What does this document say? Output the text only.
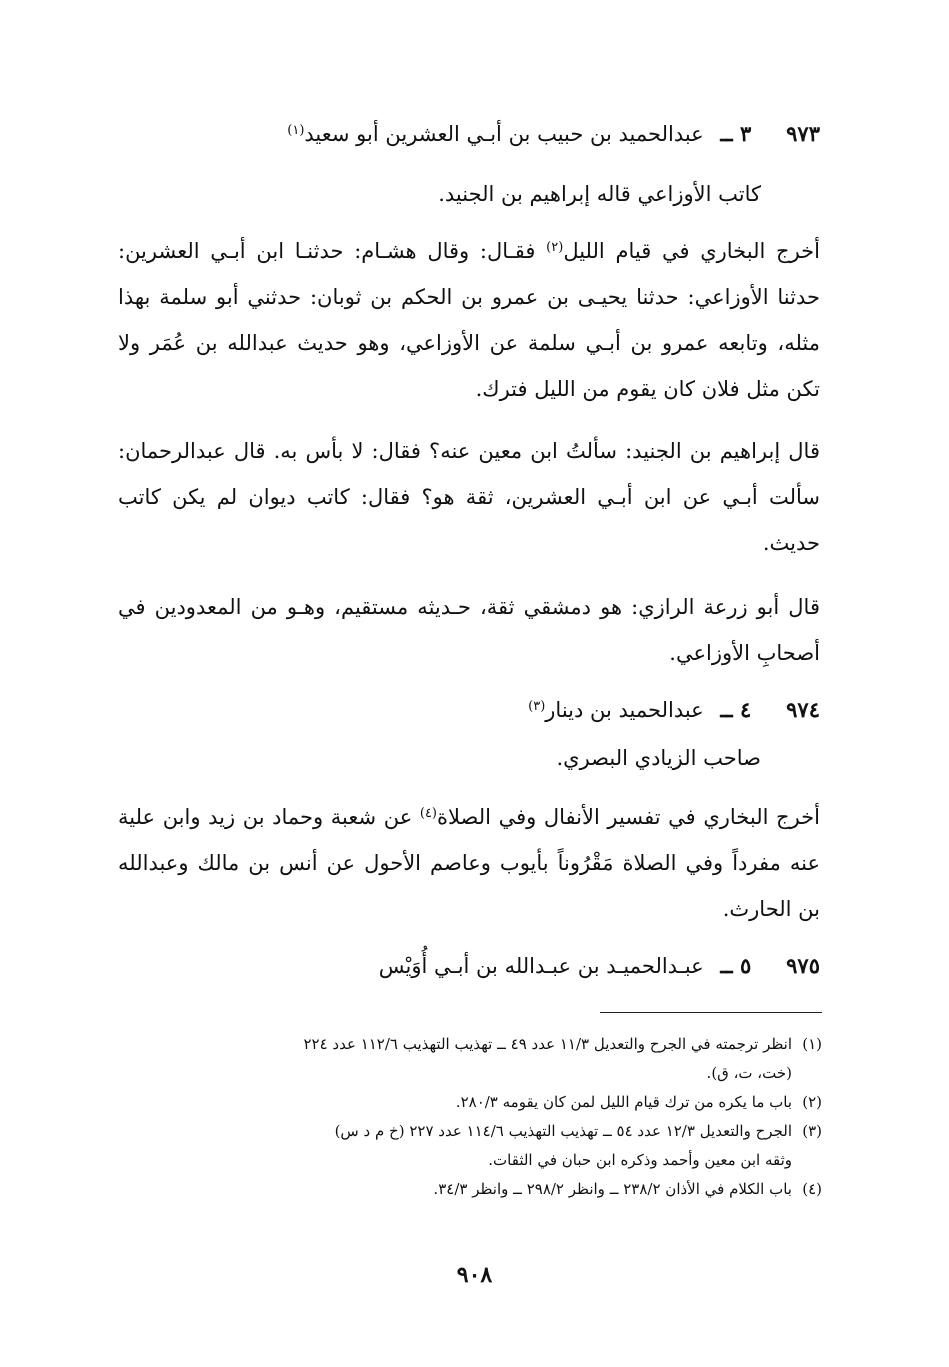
٩٧٣ ٣ ــ عبدالحميد بن حبيب بن أبـي العشرين أبو سعيد$^{(١)}$
كاتب الأوزاعي قاله إبراهيم بن الجنيد.
أخرج البخاري في قيام الليل$^{(٢)}$ فقـال: وقال هشـام: حدثنـا ابن أبـي العشرين: حدثنا الأوزاعي: حدثنا يحيـى بن عمرو بن الحكم بن ثوبان: حدثني أبو سلمة بهذا مثله، وتابعه عمرو بن أبـي سلمة عن الأوزاعي، وهو حديث عبدالله بن عُمَر ولا تكن مثل فلان كان يقوم من الليل فترك.
قال إبراهيم بن الجنيد: سألتُ ابن معين عنه؟ فقال: لا بأس به. قال عبدالرحمان: سألت أبـي عن ابن أبـي العشرين، ثقة هو؟ فقال: كاتب ديوان لم يكن كاتب حديث.
قال أبو زرعة الرازي: هو دمشقي ثقة، حـديثه مستقيم، وهـو من المعدودين في أصحابِ الأوزاعي.
٩٧٤ ٤ ــ عبدالحميد بن دينار$^{(٣)}$
صاحب الزيادي البصري.
أخرج البخاري في تفسير الأنفال وفي الصلاة$^{(٤)}$ عن شعبة وحماد بن زيد وابن علية عنه مفرداً وفي الصلاة مَقْرُوناً بأيوب وعاصم الأحول عن أنس بن مالك وعبدالله بن الحارث.
٩٧٥ ٥ ــ عبـدالحميـد بن عبـدالله بن أبـي أُوَيْس
(١)انظر ترجمته في الجرح والتعديل ١١/٣ عدد ٤٩ ــ تهذيب التهذيب ١١٢/٦ عدد ٢٢٤
(خت، ت، ق).
(٢)باب ما يكره من ترك قيام الليل لمن كان يقومه ٢٨٠/٣.
(٣)الجرح والتعديل ١٢/٣ عدد ٥٤ ــ تهذيب التهذيب ١١٤/٦ عدد ٢٢٧ (خ م د س)
وثقه ابن معين وأحمد وذكره ابن حبان في الثقات.
(٤)باب الكلام في الأذان ٢٣٨/٢ ــ وانظر ٢٩٨/٢ ــ وانظر ٣٤/٣.
٩٠٨
